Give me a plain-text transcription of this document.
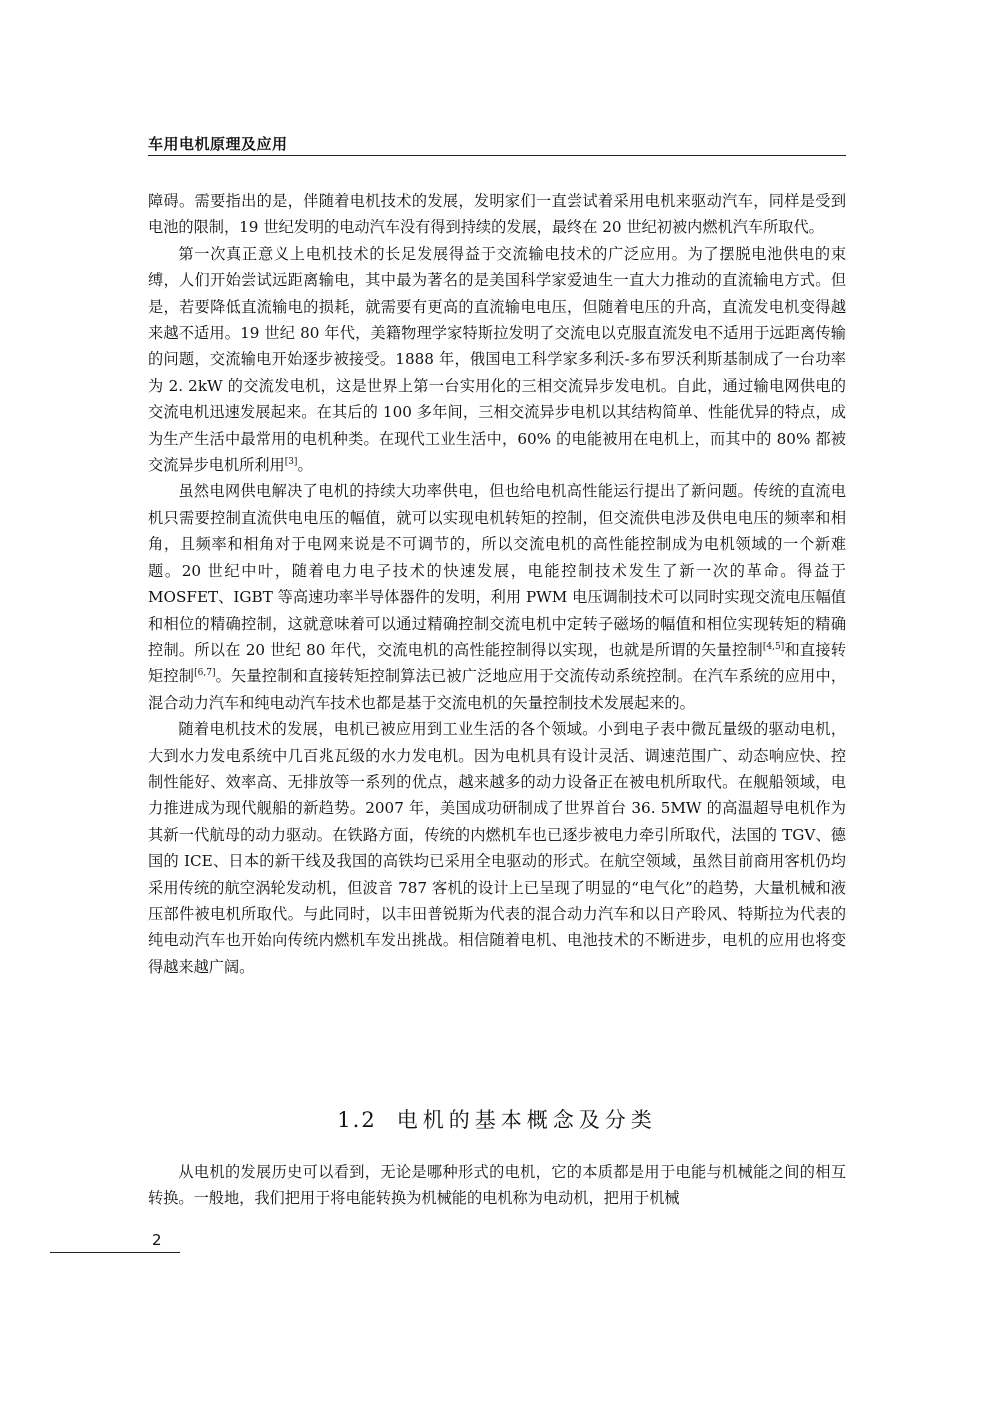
车用电机原理及应用

障碍。需要指出的是，伴随着电机技术的发展，发明家们一直尝试着采用电机来驱动汽车，同样是受到电池的限制，19 世纪发明的电动汽车没有得到持续的发展，最终在 20 世纪初被内燃机汽车所取代。

第一次真正意义上电机技术的长足发展得益于交流输电技术的广泛应用。为了摆脱电池供电的束缚，人们开始尝试远距离输电，其中最为著名的是美国科学家爱迪生一直大力推动的直流输电方式。但是，若要降低直流输电的损耗，就需要有更高的直流输电电压，但随着电压的升高，直流发电机变得越来越不适用。19 世纪 80 年代，美籍物理学家特斯拉发明了交流电以克服直流发电不适用于远距离传输的问题，交流输电开始逐步被接受。1888 年，俄国电工科学家多利沃-多布罗沃利斯基制成了一台功率为 2. 2kW 的交流发电机，这是世界上第一台实用化的三相交流异步发电机。自此，通过输电网供电的交流电机迅速发展起来。在其后的 100 多年间，三相交流异步电机以其结构简单、性能优异的特点，成为生产生活中最常用的电机种类。在现代工业生活中，60% 的电能被用在电机上，而其中的 80% 都被交流异步电机所利用[3]。

虽然电网供电解决了电机的持续大功率供电，但也给电机高性能运行提出了新问题。传统的直流电机只需要控制直流供电电压的幅值，就可以实现电机转矩的控制，但交流供电涉及供电电压的频率和相角，且频率和相角对于电网来说是不可调节的，所以交流电机的高性能控制成为电机领域的一个新难题。20 世纪中叶，随着电力电子技术的快速发展，电能控制技术发生了新一次的革命。得益于 MOSFET、IGBT 等高速功率半导体器件的发明，利用 PWM 电压调制技术可以同时实现交流电压幅值和相位的精确控制，这就意味着可以通过精确控制交流电机中定转子磁场的幅值和相位实现转矩的精确控制。所以在 20 世纪 80 年代，交流电机的高性能控制得以实现，也就是所谓的矢量控制[4,5]和直接转矩控制[6,7]。矢量控制和直接转矩控制算法已被广泛地应用于交流传动系统控制。在汽车系统的应用中，混合动力汽车和纯电动汽车技术也都是基于交流电机的矢量控制技术发展起来的。

随着电机技术的发展，电机已被应用到工业生活的各个领域。小到电子表中微瓦量级的驱动电机，大到水力发电系统中几百兆瓦级的水力发电机。因为电机具有设计灵活、调速范围广、动态响应快、控制性能好、效率高、无排放等一系列的优点，越来越多的动力设备正在被电机所取代。在舰船领域，电力推进成为现代舰船的新趋势。2007 年，美国成功研制成了世界首台 36. 5MW 的高温超导电机作为其新一代航母的动力驱动。在铁路方面，传统的内燃机车也已逐步被电力牵引所取代，法国的 TGV、德国的 ICE、日本的新干线及我国的高铁均已采用全电驱动的形式。在航空领域，虽然目前商用客机仍均采用传统的航空涡轮发动机，但波音 787 客机的设计上已呈现了明显的“电气化”的趋势，大量机械和液压部件被电机所取代。与此同时，以丰田普锐斯为代表的混合动力汽车和以日产聆风、特斯拉为代表的纯电动汽车也开始向传统内燃机车发出挑战。相信随着电机、电池技术的不断进步，电机的应用也将变得越来越广阔。

1.2 电机的基本概念及分类

从电机的发展历史可以看到，无论是哪种形式的电机，它的本质都是用于电能与机械能之间的相互转换。一般地，我们把用于将电能转换为机械能的电机称为电动机，把用于机械

2
